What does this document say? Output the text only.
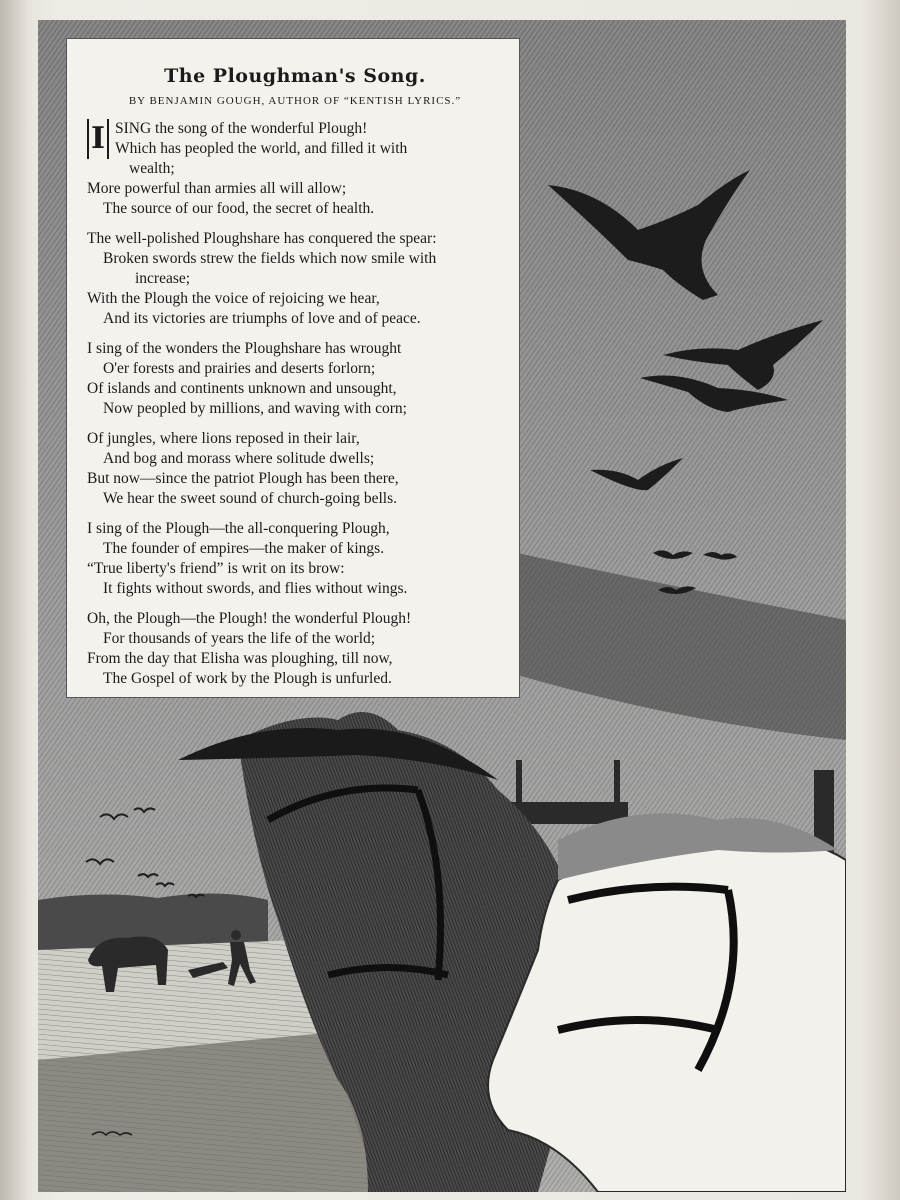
The Ploughman's Song.
BY BENJAMIN GOUGH, AUTHOR OF “KENTISH LYRICS.”
I SING the song of the wonderful Plough!
Which has peopled the world, and filled it with
wealth;
More powerful than armies all will allow;
The source of our food, the secret of health.
The well-polished Ploughshare has conquered the spear:
Broken swords strew the fields which now smile with
increase;
With the Plough the voice of rejoicing we hear,
And its victories are triumphs of love and of peace.
I sing of the wonders the Ploughshare has wrought
O'er forests and prairies and deserts forlorn;
Of islands and continents unknown and unsought,
Now peopled by millions, and waving with corn;
Of jungles, where lions reposed in their lair,
And bog and morass where solitude dwells;
But now—since the patriot Plough has been there,
We hear the sweet sound of church-going bells.
I sing of the Plough—the all-conquering Plough,
The founder of empires—the maker of kings.
“True liberty's friend” is writ on its brow:
It fights without swords, and flies without wings.
Oh, the Plough—the Plough! the wonderful Plough!
For thousands of years the life of the world;
From the day that Elisha was ploughing, till now,
The Gospel of work by the Plough is unfurled.
